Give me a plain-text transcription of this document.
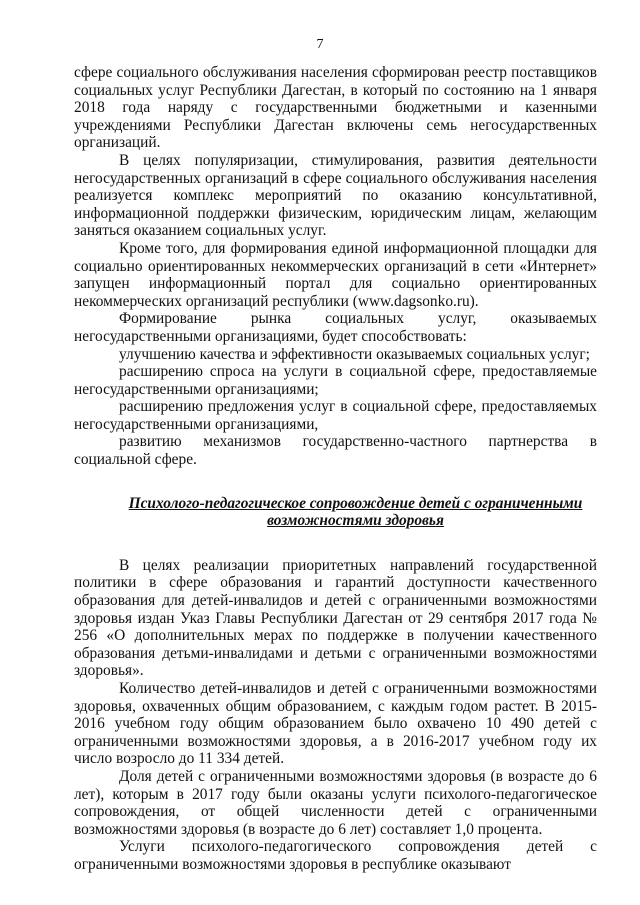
7

сфере социального обслуживания населения сформирован реестр поставщиков социальных услуг Республики Дагестан, в который по состоянию на 1 января 2018 года наряду с государственными бюджетными и казенными учреждениями Республики Дагестан включены семь негосударственных организаций.

В целях популяризации, стимулирования, развития деятельности негосударственных организаций в сфере социального обслуживания населения реализуется комплекс мероприятий по оказанию консультативной, информационной поддержки физическим, юридическим лицам, желающим заняться оказанием социальных услуг.

Кроме того, для формирования единой информационной площадки для социально ориентированных некоммерческих организаций в сети «Интернет» запущен информационный портал для социально ориентированных некоммерческих организаций республики (www.dagsonko.ru).

Формирование рынка социальных услуг, оказываемых негосударственными организациями, будет способствовать:

улучшению качества и эффективности оказываемых социальных услуг;

расширению спроса на услуги в социальной сфере, предоставляемые негосударственными организациями;

расширению предложения услуг в социальной сфере, предоставляемых негосударственными организациями,

развитию механизмов государственно-частного партнерства в социальной сфере.

Психолого-педагогическое сопровождение детей с ограниченными возможностями здоровья

В целях реализации приоритетных направлений государственной политики в сфере образования и гарантий доступности качественного образования для детей-инвалидов и детей с ограниченными возможностями здоровья издан Указ Главы Республики Дагестан от 29 сентября 2017 года № 256 «О дополнительных мерах по поддержке в получении качественного образования детьми-инвалидами и детьми с ограниченными возможностями здоровья».

Количество детей-инвалидов и детей с ограниченными возможностями здоровья, охваченных общим образованием, с каждым годом растет. В 2015-2016 учебном году общим образованием было охвачено 10 490 детей с ограниченными возможностями здоровья, а в 2016-2017 учебном году их число возросло до 11 334 детей.

Доля детей с ограниченными возможностями здоровья (в возрасте до 6 лет), которым в 2017 году были оказаны услуги психолого-педагогическое сопровождения, от общей численности детей с ограниченными возможностями здоровья (в возрасте до 6 лет) составляет 1,0 процента.

Услуги психолого-педагогического сопровождения детей с ограниченными возможностями здоровья в республике оказывают
